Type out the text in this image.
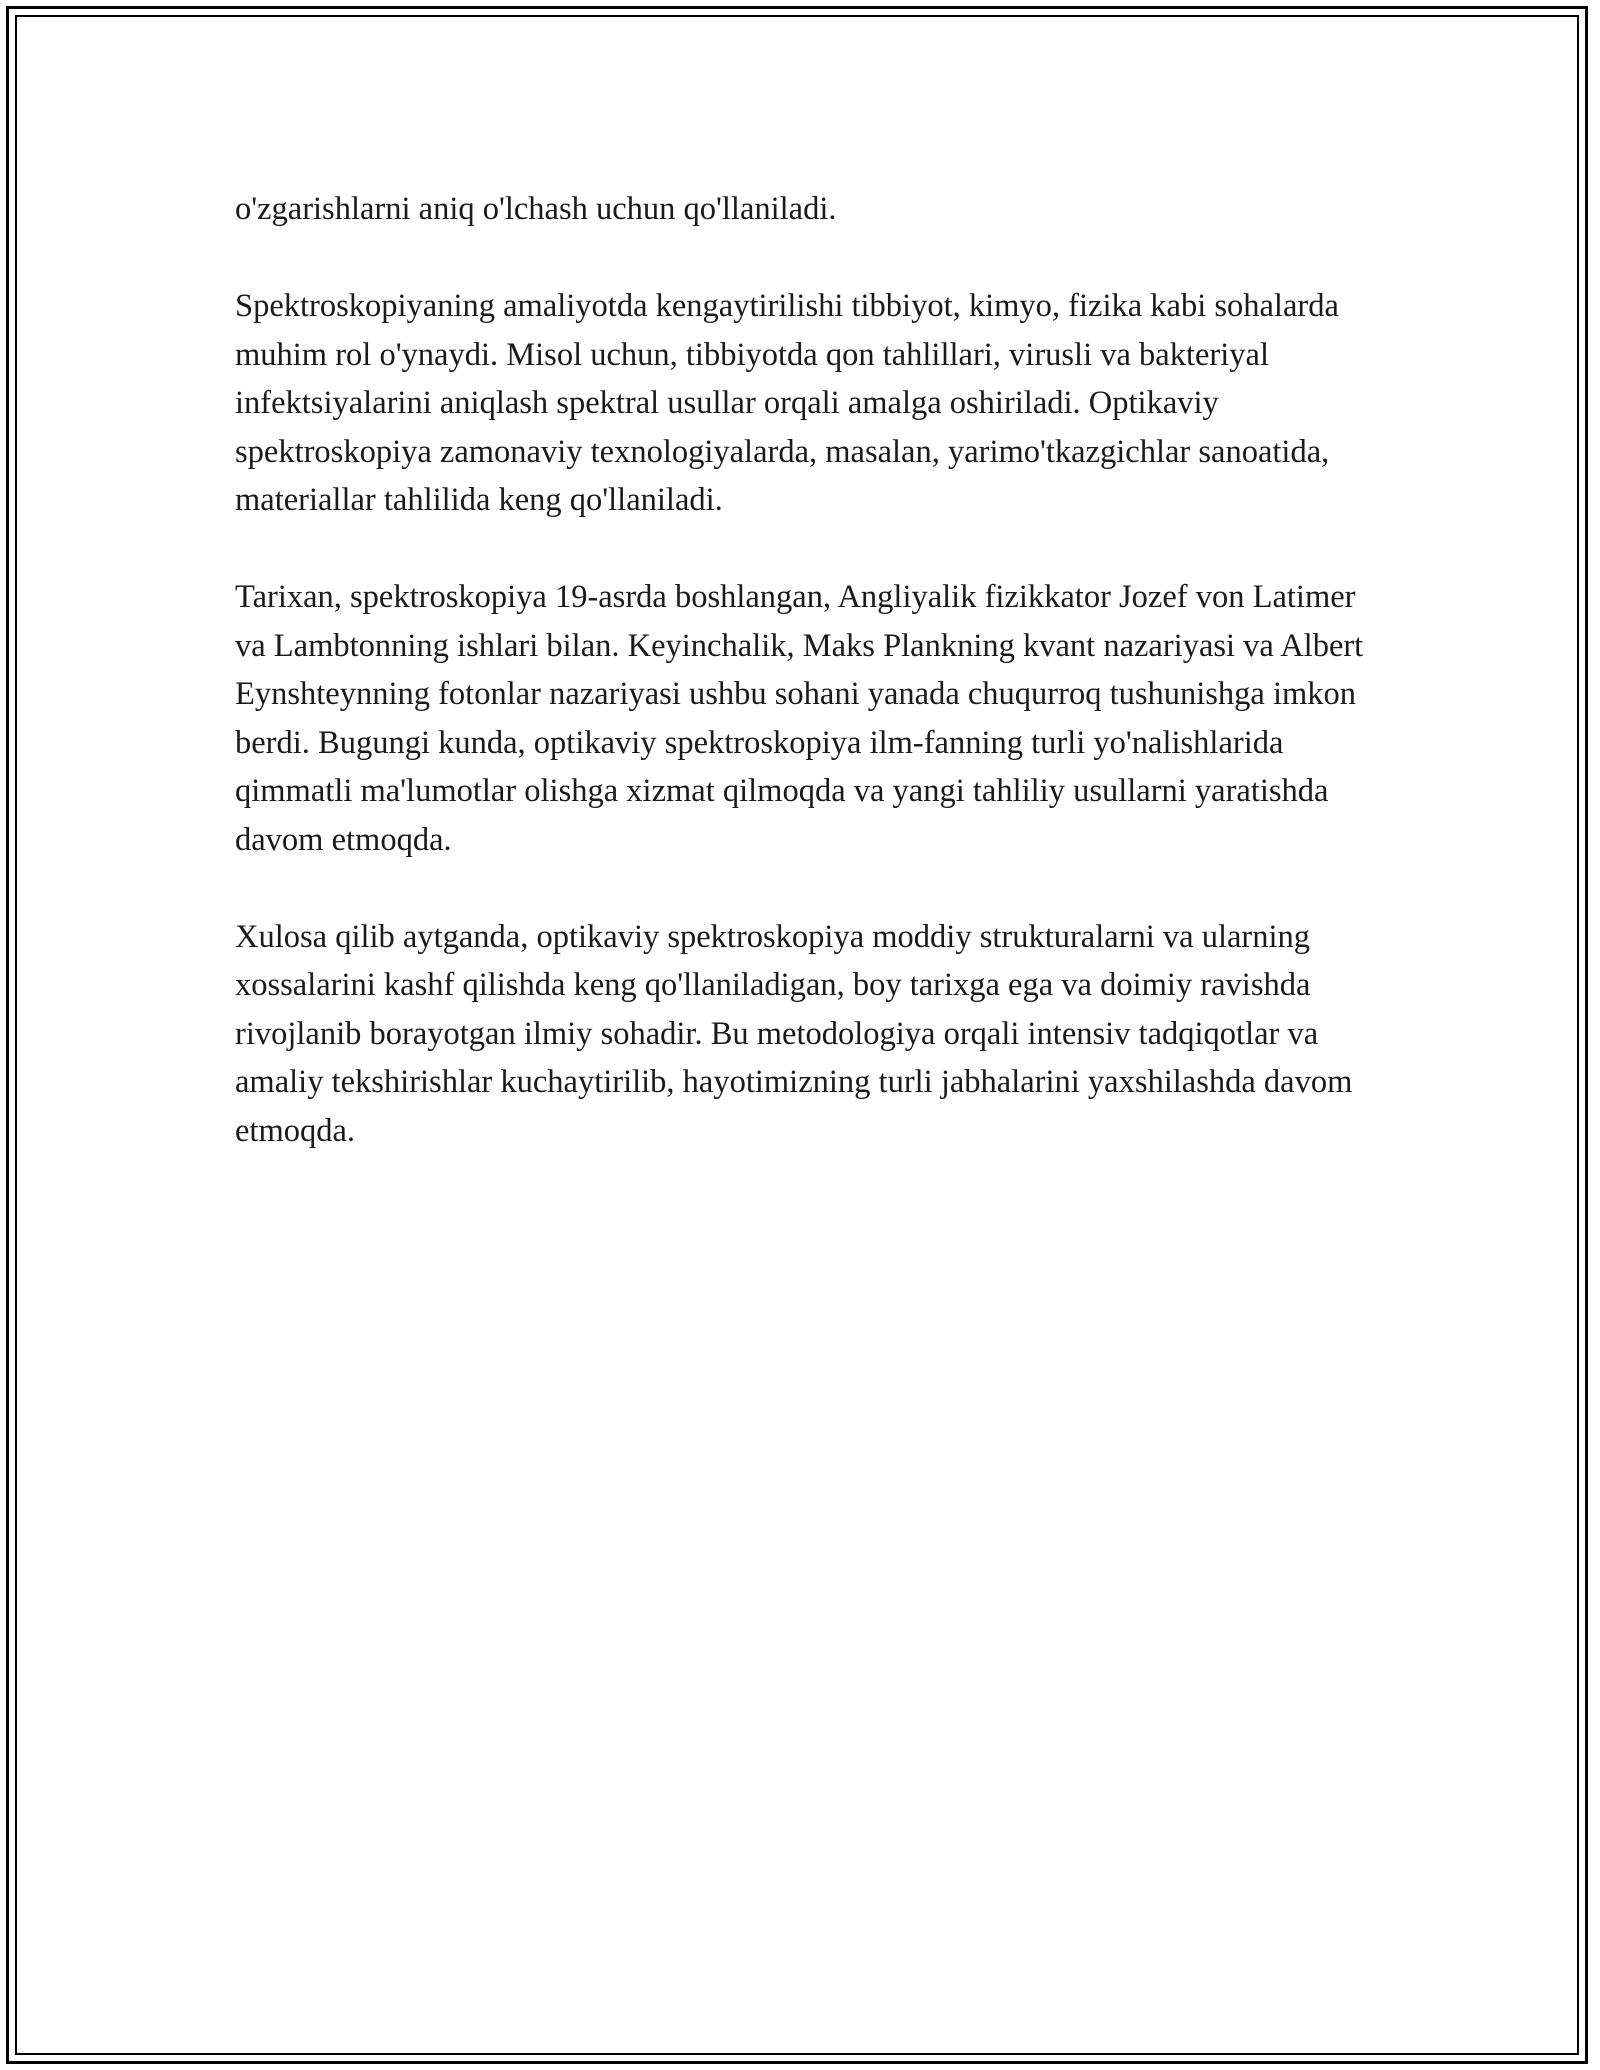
o'zgarishlarni aniq o'lchash uchun qo'llaniladi.

Spektroskopiyaning amaliyotda kengaytirilishi tibbiyot, kimyo, fizika kabi sohalarda muhim rol o'ynaydi. Misol uchun, tibbiyotda qon tahlillari, virusli va bakteriyal infektsiyalarini aniqlash spektral usullar orqali amalga oshiriladi. Optikaviy spektroskopiya zamonaviy texnologiyalarda, masalan, yarimo'tkazgichlar sanoatida, materiallar tahlilida keng qo'llaniladi.

Tarixan, spektroskopiya 19-asrda boshlangan, Angliyalik fizikkator Jozef von Latimer va Lambtonning ishlari bilan. Keyinchalik, Maks Plankning kvant nazariyasi va Albert Eynshteynning fotonlar nazariyasi ushbu sohani yanada chuqurroq tushunishga imkon berdi. Bugungi kunda, optikaviy spektroskopiya ilm-fanning turli yo'nalishlarida qimmatli ma'lumotlar olishga xizmat qilmoqda va yangi tahliliy usullarni yaratishda davom etmoqda.

Xulosa qilib aytganda, optikaviy spektroskopiya moddiy strukturalarni va ularning xossalarini kashf qilishda keng qo'llaniladigan, boy tarixga ega va doimiy ravishda rivojlanib borayotgan ilmiy sohadir. Bu metodologiya orqali intensiv tadqiqotlar va amaliy tekshirishlar kuchaytirilib, hayotimizning turli jabhalarini yaxshilashda davom etmoqda.
